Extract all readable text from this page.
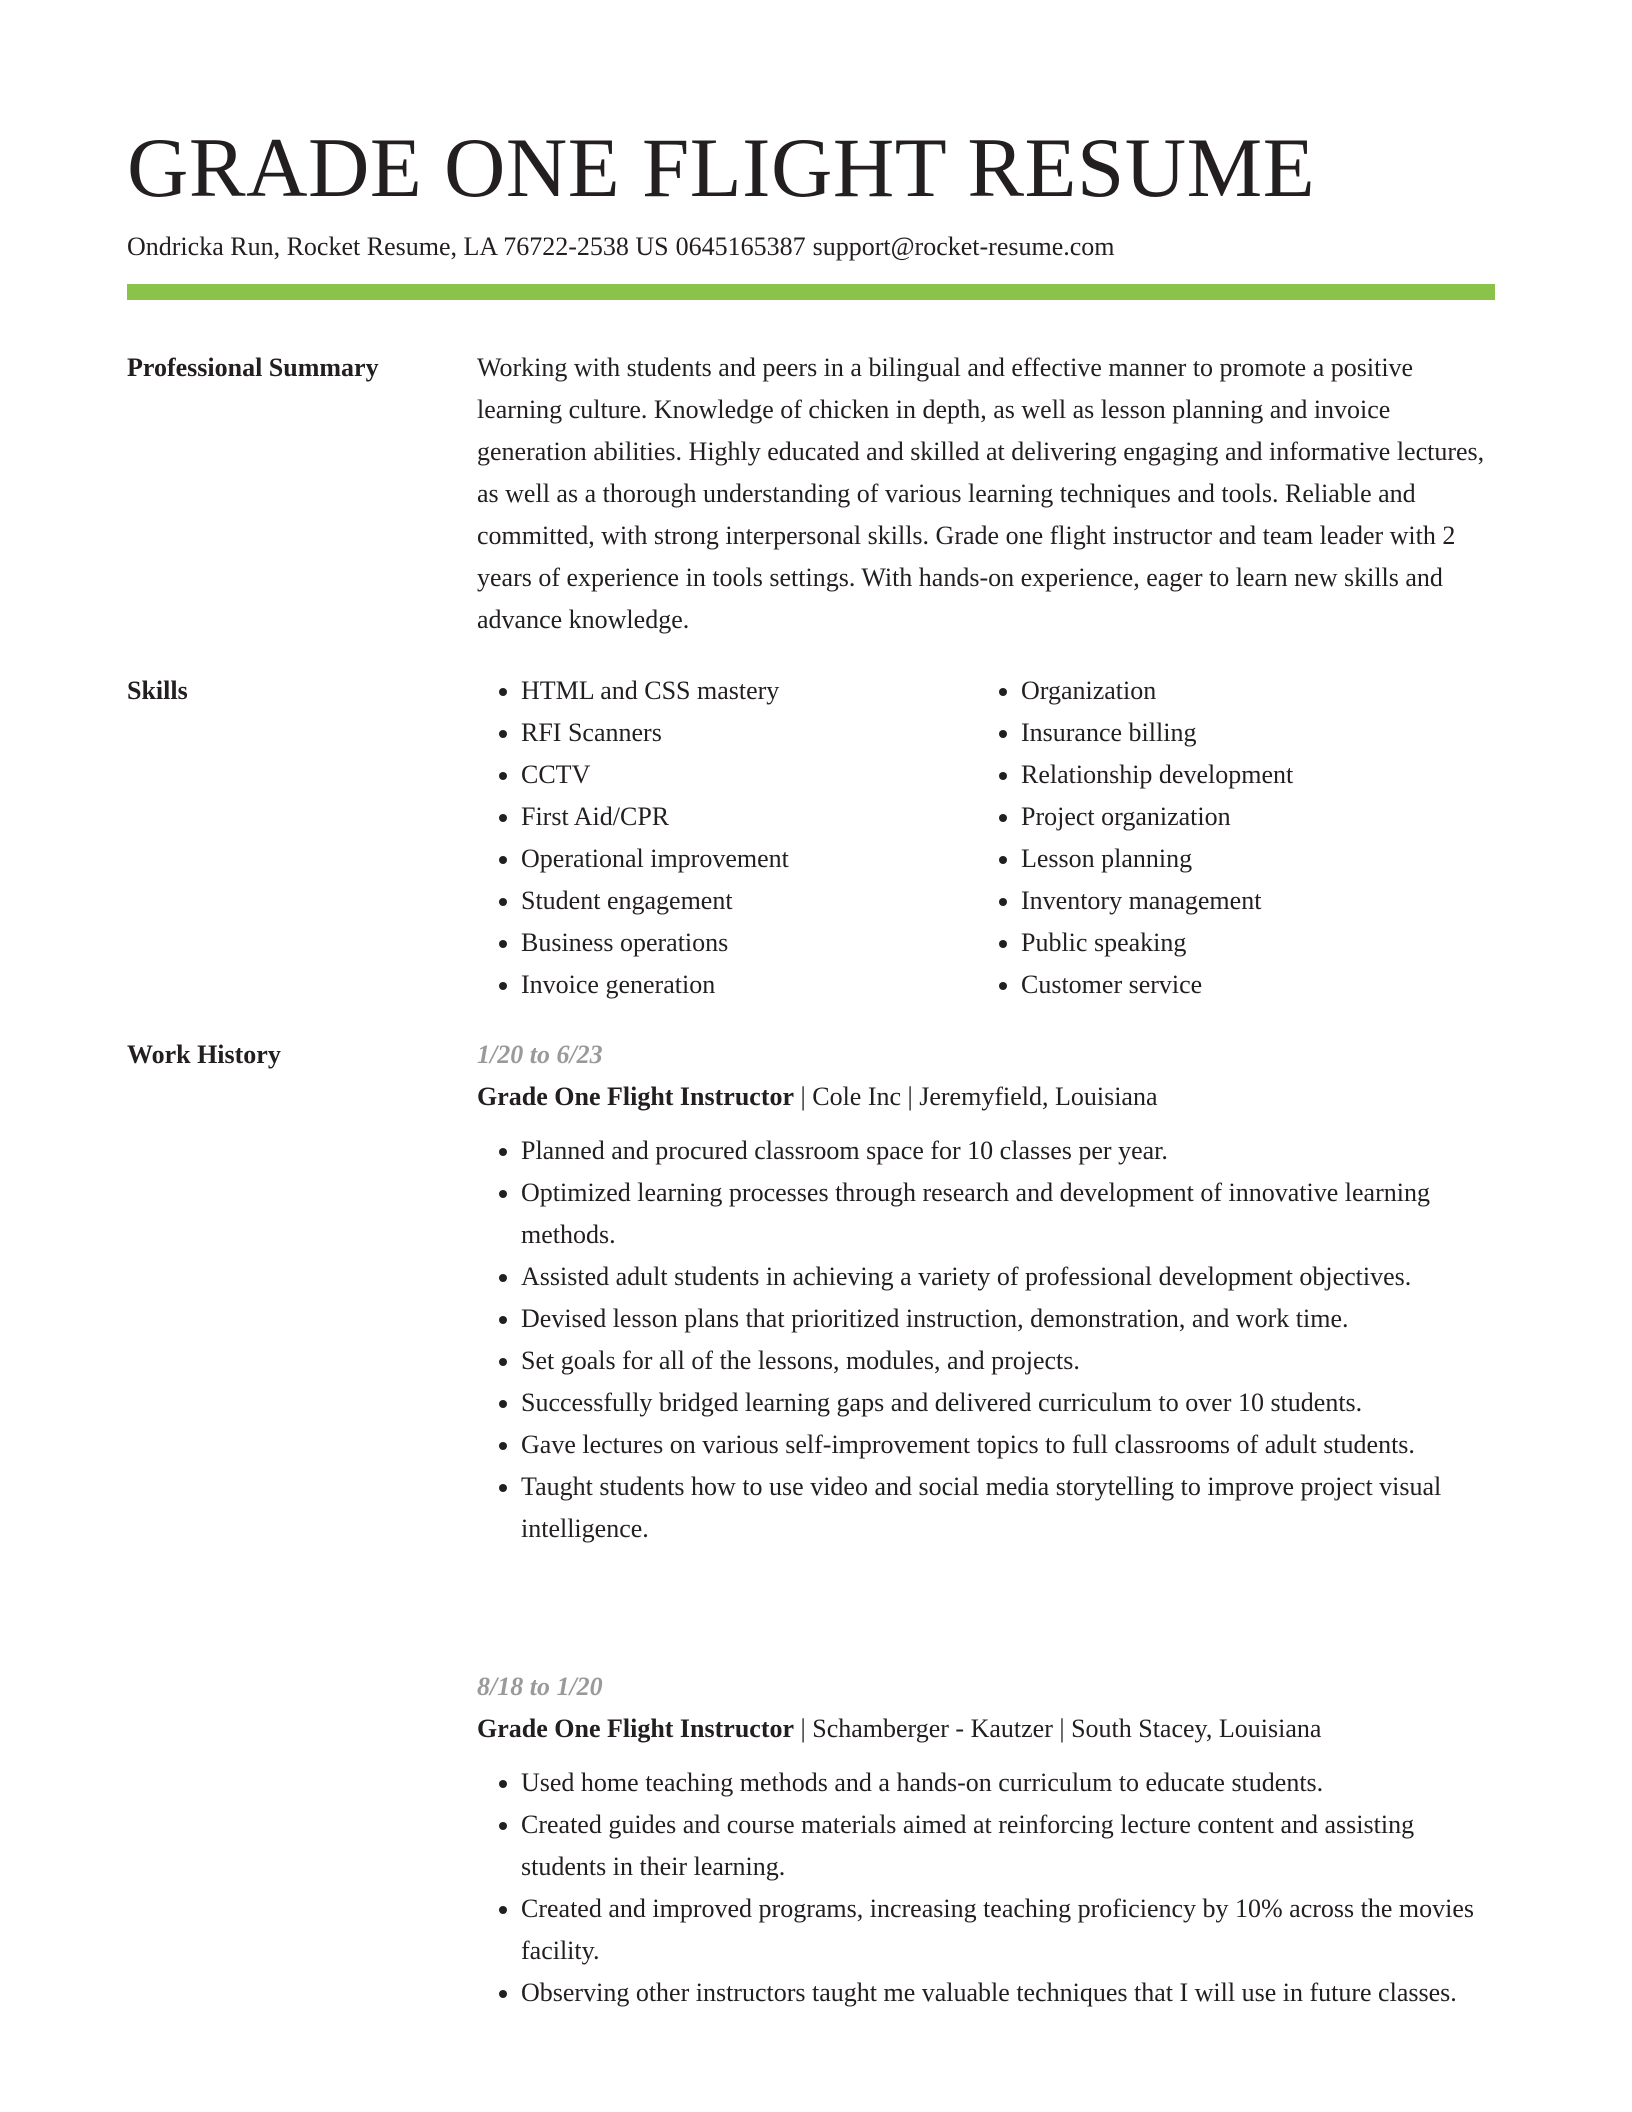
GRADE ONE FLIGHT RESUME
Ondricka Run, Rocket Resume, LA 76722-2538 US 0645165387 support@rocket-resume.com
Professional Summary	Working with students and peers in a bilingual and effective manner to promote a positive learning culture. Knowledge of chicken in depth, as well as lesson planning and invoice generation abilities. Highly educated and skilled at delivering engaging and informative lectures, as well as a thorough understanding of various learning techniques and tools. Reliable and committed, with strong interpersonal skills. Grade one flight instructor and team leader with 2 years of experience in tools settings. With hands-on experience, eager to learn new skills and advance knowledge.

Skills
•	HTML and CSS mastery
• RFI Scanners
• CCTV
• First Aid/CPR
• Operational improvement
• Student engagement
• Business operations
• Invoice generation
• Organization
• Insurance billing
• Relationship development
• Project organization
• Lesson planning
• Inventory management
• Public speaking
• Customer service
Work History	1/20 to 6/23
Grade One Flight Instructor | Cole Inc | Jeremyfield, Louisiana
• Planned and procured classroom space for 10 classes per year.
• Optimized learning processes through research and development of innovative learning methods.
• Assisted adult students in achieving a variety of professional development objectives.
• Devised lesson plans that prioritized instruction, demonstration, and work time.
• Set goals for all of the lessons, modules, and projects.
• Successfully bridged learning gaps and delivered curriculum to over 10 students.
• Gave lectures on various self-improvement topics to full classrooms of adult students.
• Taught students how to use video and social media storytelling to improve project visual intelligence.
8/18 to 1/20
Grade One Flight Instructor | Schamberger - Kautzer | South Stacey, Louisiana
• Used home teaching methods and a hands-on curriculum to educate students.
• Created guides and course materials aimed at reinforcing lecture content and assisting students in their learning.
• Created and improved programs, increasing teaching proficiency by 10% across the movies facility.
• Observing other instructors taught me valuable techniques that I will use in future classes.
